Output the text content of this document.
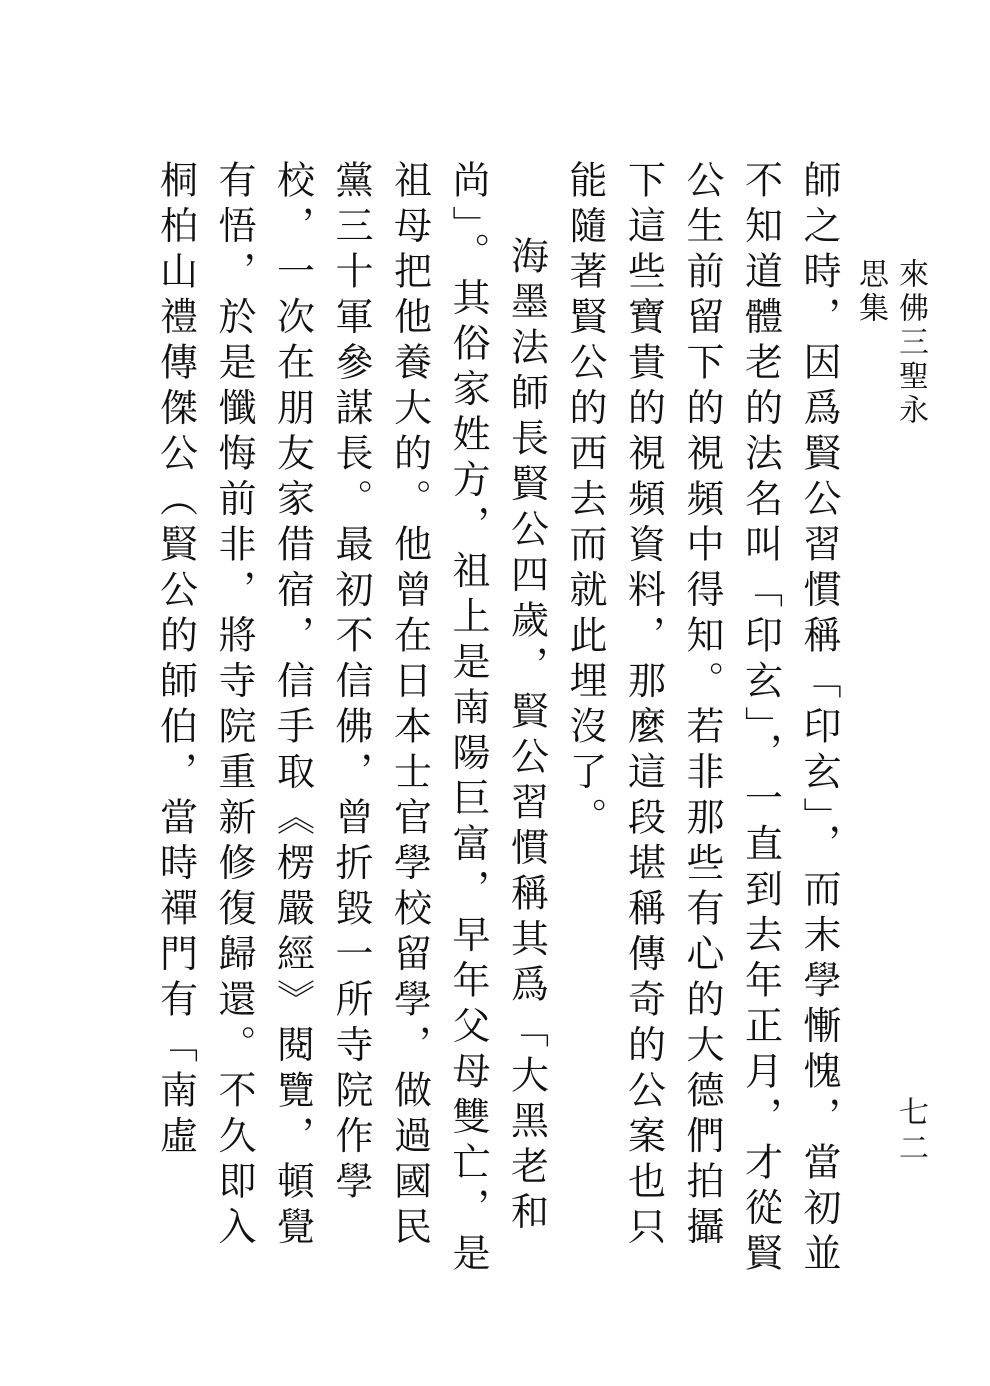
來佛三聖永思集
七二

師之時，因爲賢公習慣稱「印玄」，而末學慚愧，當初並不知道體老的法名叫「印玄」，一直到去年正月，才從賢公生前留下的視頻中得知。若非那些有心的大德們拍攝下這些寶貴的視頻資料，那麼這段堪稱傳奇的公案也只能隨著賢公的西去而就此埋沒了。

海墨法師長賢公四歲，賢公習慣稱其爲「大黑老和尚」。其俗家姓方，祖上是南陽巨富，早年父母雙亡，是祖母把他養大的。他曾在日本士官學校留學，做過國民黨三十軍參謀長。最初不信佛，曾折毀一所寺院作學校，一次在朋友家借宿，信手取《楞嚴經》閱覽，頓覺有悟，於是懺悔前非，將寺院重新修復歸還。不久即入桐柏山禮傳傑公（賢公的師伯，當時禪門有「南虛
